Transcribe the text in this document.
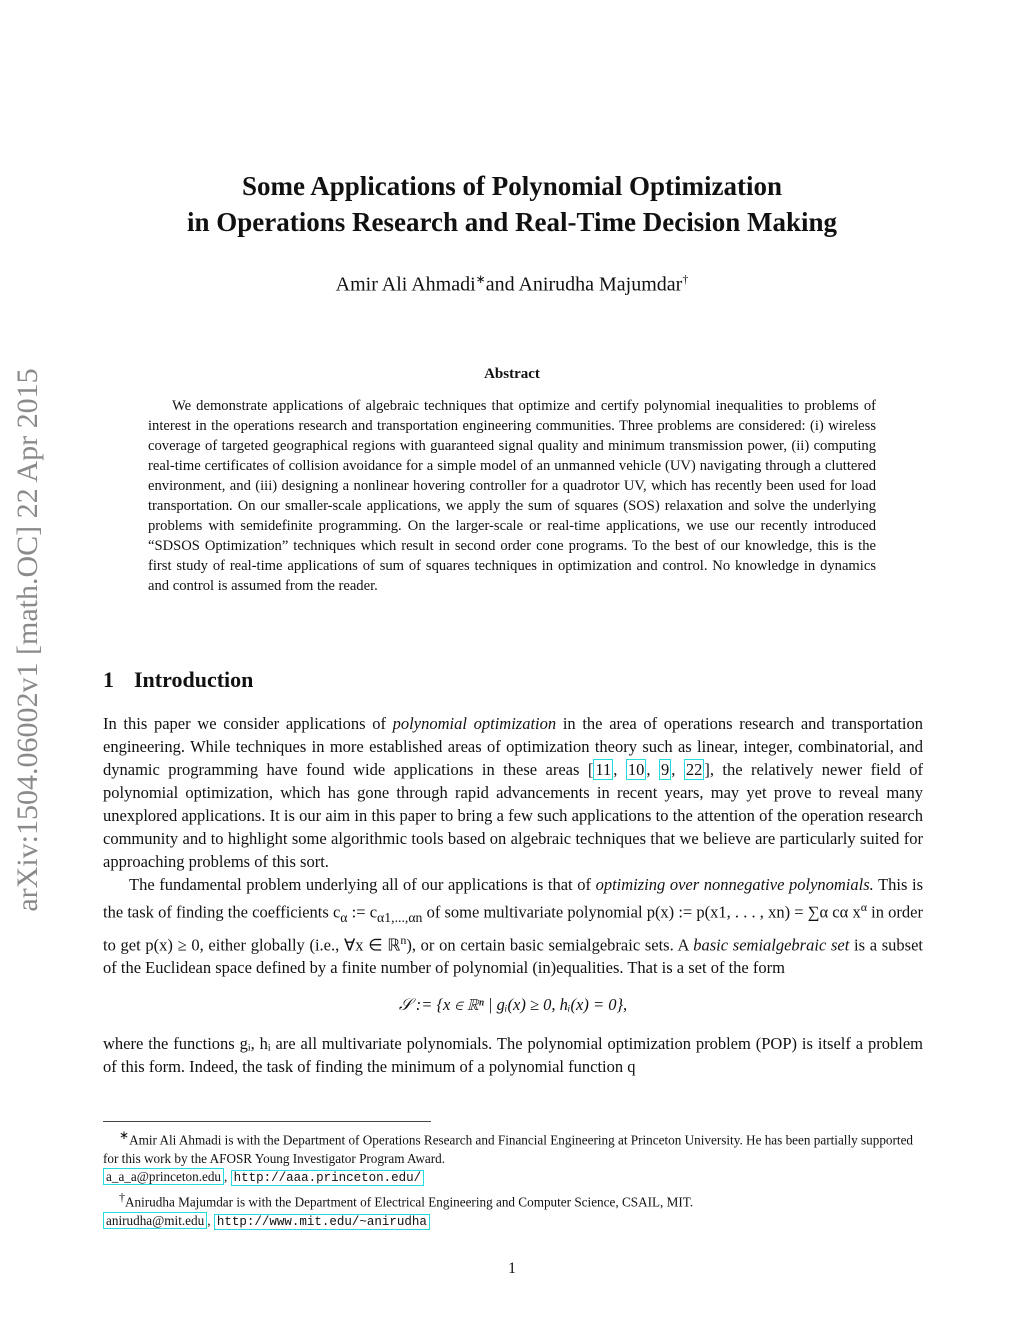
arXiv:1504.06002v1 [math.OC] 22 Apr 2015
Some Applications of Polynomial Optimization
in Operations Research and Real-Time Decision Making
Amir Ali Ahmadi∗and Anirudha Majumdar†
Abstract
We demonstrate applications of algebraic techniques that optimize and certify polynomial inequalities to problems of interest in the operations research and transportation engineering communities. Three problems are considered: (i) wireless coverage of targeted geographical regions with guaranteed signal quality and minimum transmission power, (ii) computing real-time certificates of collision avoidance for a simple model of an unmanned vehicle (UV) navigating through a cluttered environment, and (iii) designing a nonlinear hovering controller for a quadrotor UV, which has recently been used for load transportation. On our smaller-scale applications, we apply the sum of squares (SOS) relaxation and solve the underlying problems with semidefinite programming. On the larger-scale or real-time applications, we use our recently introduced “SDSOS Optimization” techniques which result in second order cone programs. To the best of our knowledge, this is the first study of real-time applications of sum of squares techniques in optimization and control. No knowledge in dynamics and control is assumed from the reader.
1 Introduction

In this paper we consider applications of polynomial optimization in the area of operations research and transportation engineering. While techniques in more established areas of optimization theory such as linear, integer, combinatorial, and dynamic programming have found wide applications in these areas [ 11 , 10 , 9 , 22 ], the relatively newer field of polynomial optimization, which has gone through rapid advancements in recent years, may yet prove to reveal many unexplored applications. It is our aim in this paper to bring a few such applications to the attention of the operation research community and to highlight some algorithmic tools based on algebraic techniques that we believe are particularly suited for approaching problems of this sort.

The fundamental problem underlying all of our applications is that of optimizing over nonnegative polynomials. This is the task of finding the coefficients $c_\alpha$ := $c_{\alpha 1,...,\alpha n}$ of some multivariate polynomial p(x) := p(x1, . . . , xn) = ∑α cα $x^\alpha$ in order to get p(x) ≥ 0, either globally (i.e., ∀x ∈ ℝ$^n$), or on certain basic semialgebraic sets. A basic semialgebraic set is a subset of the Euclidean space defined by a finite number of polynomial (in)equalities. That is a set of the form

𝒮 := {x ∈ ℝⁿ | gᵢ(x) ≥ 0, hᵢ(x) = 0},

where the functions gᵢ, hᵢ are all multivariate polynomials. The polynomial optimization problem (POP) is itself a problem of this form. Indeed, the task of finding the minimum of a polynomial function q

∗Amir Ali Ahmadi is with the Department of Operations Research and Financial Engineering at Princeton University. He has been partially supported for this work by the AFOSR Young Investigator Program Award.

a_a_a@princeton.edu , http://aaa.princeton.edu/

†Anirudha Majumdar is with the Department of Electrical Engineering and Computer Science, CSAIL, MIT.

anirudha@mit.edu , http://www.mit.edu/~anirudha

1
